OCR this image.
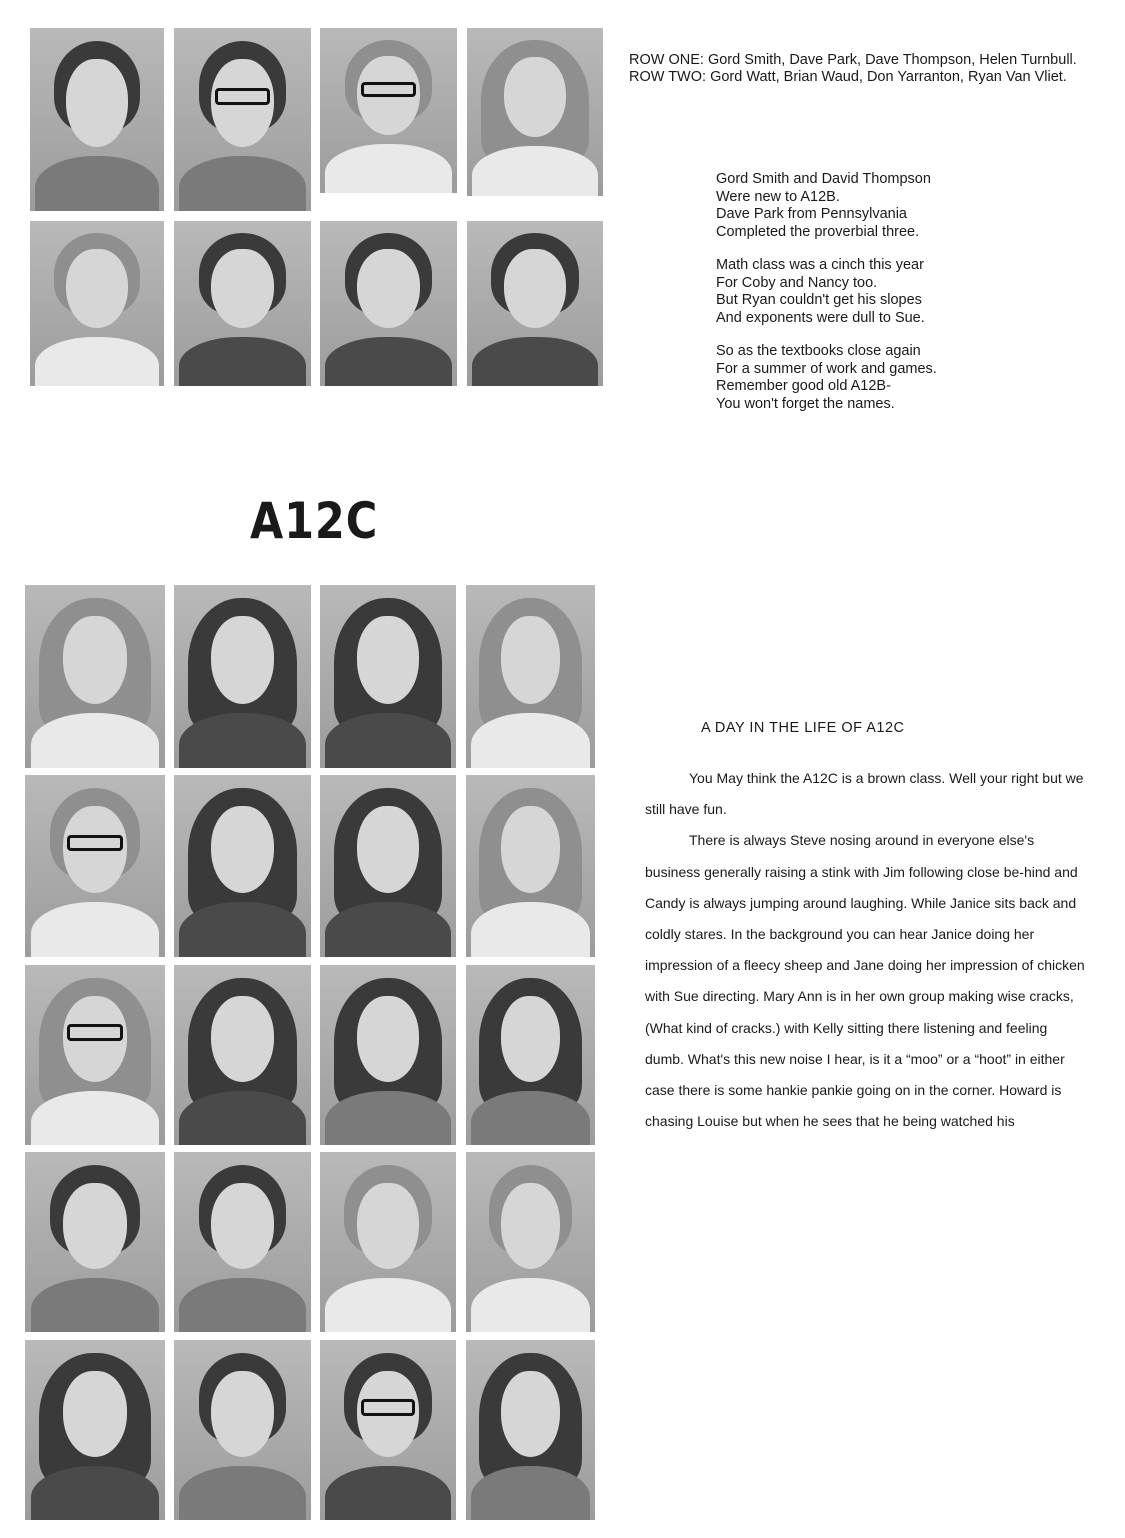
ROW ONE: Gord Smith, Dave Park, Dave Thompson, Helen Turnbull.
ROW TWO: Gord Watt, Brian Waud, Don Yarranton, Ryan Van Vliet.
Gord Smith and David Thompson
Were new to A12B.
Dave Park from Pennsylvania
Completed the proverbial three.
Math class was a cinch this year
For Coby and Nancy too.
But Ryan couldn't get his slopes
And exponents were dull to Sue.
So as the textbooks close again
For a summer of work and games.
Remember good old A12B-
You won't forget the names.
A12C
A DAY IN THE LIFE OF A12C

You May think the A12C is a brown class. Well your right but we still have fun.

There is always Steve nosing around in everyone else's business generally raising a stink with Jim following close be-hind and Candy is always jumping around laughing. While Janice sits back and coldly stares. In the background you can hear Janice doing her impression of a fleecy sheep and Jane doing her impression of chicken with Sue directing. Mary Ann is in her own group making wise cracks, (What kind of cracks.) with Kelly sitting there listening and feeling dumb. What's this new noise I hear, is it a “moo” or a “hoot” in either case there is some hankie pankie going on in the corner. Howard is chasing Louise but when he sees that he being watched his
